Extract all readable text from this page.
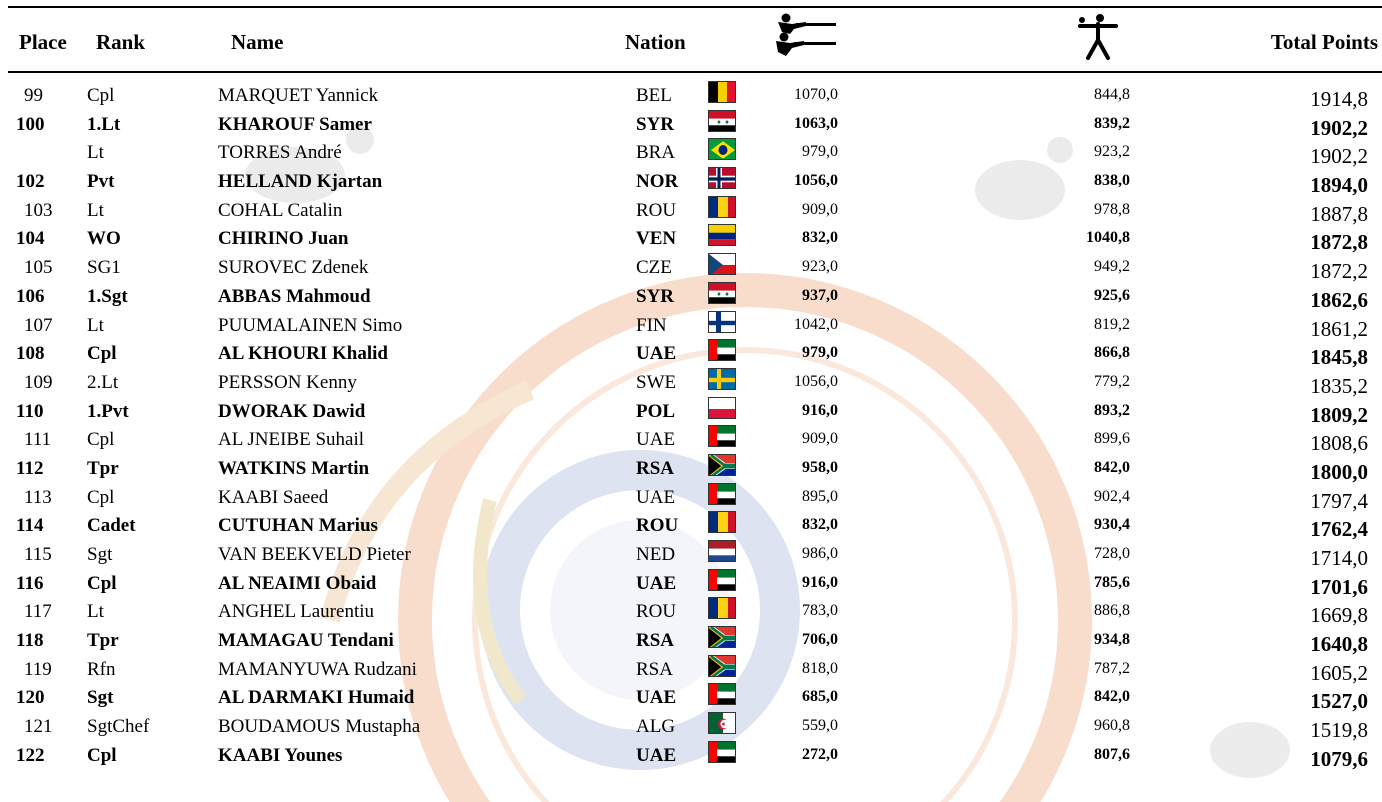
Place Rank	Name	Nation	Total Points
99 Cpl	MARQUET Yannick	BEL	1070,0	844,8	1914,8
100 1.Lt	KHAROUF Samer	SYR	1063,0	839,2	1902,2
Lt	TORRES André	BRA	979,0	923,2	1902,2
102 Pvt	HELLAND Kjartan	NOR	1056,0	838,0	1894,0
103 Lt	COHAL Catalin	ROU	909,0	978,8	1887,8
104 WO	CHIRINO Juan	VEN	832,0	1040,8	1872,8
105 SG1	SUROVEC Zdenek	CZE	923,0	949,2	1872,2
106 1.Sgt	ABBAS Mahmoud	SYR	937,0	925,6	1862,6
107 Lt	PUUMALAINEN Simo	FIN	1042,0	819,2	1861,2
108 Cpl	AL KHOURI Khalid	UAE	979,0	866,8	1845,8
109 2.Lt	PERSSON Kenny	SWE	1056,0	779,2	1835,2
110 1.Pvt	DWORAK Dawid	POL	916,0	893,2	1809,2
111 Cpl	AL JNEIBE Suhail	UAE	909,0	899,6	1808,6
112 Tpr	WATKINS Martin	RSA	958,0	842,0	1800,0
113 Cpl	KAABI Saeed	UAE	895,0	902,4	1797,4
114 Cadet	CUTUHAN Marius	ROU	832,0	930,4	1762,4
115 Sgt	VAN BEEKVELD Pieter	NED	986,0	728,0	1714,0
116 Cpl	AL NEAIMI Obaid	UAE	916,0	785,6	1701,6
117 Lt	ANGHEL Laurentiu	ROU	783,0	886,8	1669,8
118 Tpr	MAMAGAU Tendani	RSA	706,0	934,8	1640,8
119 Rfn	MAMANYUWA Rudzani	RSA	818,0	787,2	1605,2
120 Sgt	AL DARMAKI Humaid	UAE	685,0	842,0	1527,0
121 SgtChef	BOUDAMOUS Mustapha	ALG	559,0	960,8	1519,8
122 Cpl	KAABI Younes	UAE	272,0	807,6	1079,6
